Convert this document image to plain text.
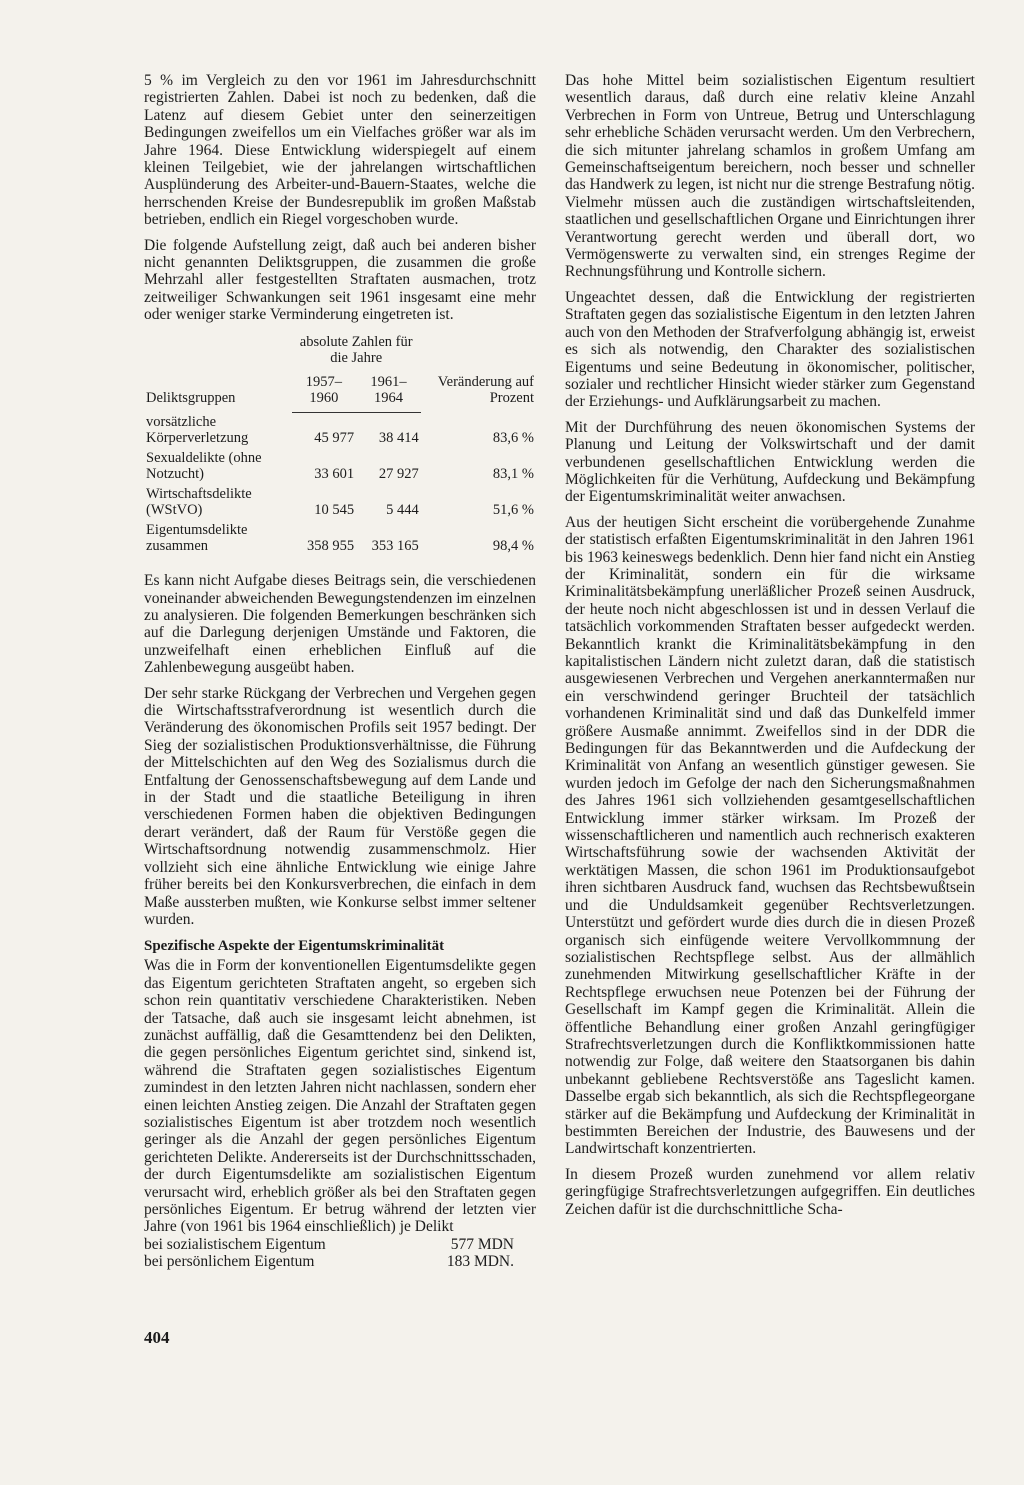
5 % im Vergleich zu den vor 1961 im Jahresdurchschnitt registrierten Zahlen. Dabei ist noch zu bedenken, daß die Latenz auf diesem Gebiet unter den seinerzeitigen Bedingungen zweifellos um ein Vielfaches größer war als im Jahre 1964. Diese Entwicklung widerspiegelt auf einem kleinen Teilgebiet, wie der jahrelangen wirtschaftlichen Ausplünderung des Arbeiter-und-Bauern-Staates, welche die herrschenden Kreise der Bundesrepublik im großen Maßstab betrieben, endlich ein Riegel vorgeschoben wurde.

Die folgende Aufstellung zeigt, daß auch bei anderen bisher nicht genannten Deliktsgruppen, die zusammen die große Mehrzahl aller festgestellten Straftaten ausmachen, trotz zeitweiliger Schwankungen seit 1961 insgesamt eine mehr oder weniger starke Verminderung eingetreten ist.

Deliktsgruppen	absolute Zahlen für die Jahre		Veränderung auf Prozent
	1957–1960	1961–1964	
vorsätzliche Körperverletzung	45 977	38 414	83,6 %
Sexualdelikte (ohne Notzucht)	33 601	27 927	83,1 %
Wirtschaftsdelikte (WStVO)	10 545	5 444	51,6 %
Eigentumsdelikte zusammen	358 955	353 165	98,4 %

Es kann nicht Aufgabe dieses Beitrags sein, die verschiedenen voneinander abweichenden Bewegungstendenzen im einzelnen zu analysieren. Die folgenden Bemerkungen beschränken sich auf die Darlegung derjenigen Umstände und Faktoren, die unzweifelhaft einen erheblichen Einfluß auf die Zahlenbewegung ausgeübt haben.

Der sehr starke Rückgang der Verbrechen und Vergehen gegen die Wirtschaftsstrafverordnung ist wesentlich durch die Veränderung des ökonomischen Profils seit 1957 bedingt. Der Sieg der sozialistischen Produktionsverhältnisse, die Führung der Mittelschichten auf den Weg des Sozialismus durch die Entfaltung der Genossenschaftsbewegung auf dem Lande und in der Stadt und die staatliche Beteiligung in ihren verschiedenen Formen haben die objektiven Bedingungen derart verändert, daß der Raum für Verstöße gegen die Wirtschaftsordnung notwendig zusammenschmolz. Hier vollzieht sich eine ähnliche Entwicklung wie einige Jahre früher bereits bei den Konkursverbrechen, die einfach in dem Maße aussterben mußten, wie Konkurse selbst immer seltener wurden.

Spezifische Aspekte der Eigentumskriminalität

Was die in Form der konventionellen Eigentumsdelikte gegen das Eigentum gerichteten Straftaten angeht, so ergeben sich schon rein quantitativ verschiedene Charakteristiken. Neben der Tatsache, daß auch sie insgesamt leicht abnehmen, ist zunächst auffällig, daß die Gesamttendenz bei den Delikten, die gegen persönliches Eigentum gerichtet sind, sinkend ist, während die Straftaten gegen sozialistisches Eigentum zumindest in den letzten Jahren nicht nachlassen, sondern eher einen leichten Anstieg zeigen. Die Anzahl der Straftaten gegen sozialistisches Eigentum ist aber trotzdem noch wesentlich geringer als die Anzahl der gegen persönliches Eigentum gerichteten Delikte. Andererseits ist der Durchschnittsschaden, der durch Eigentumsdelikte am sozialistischen Eigentum verursacht wird, erheblich größer als bei den Straftaten gegen persönliches Eigentum. Er betrug während der letzten vier Jahre (von 1961 bis 1964 einschließlich) je Delikt

bei sozialistischem Eigentum	577 MDN
bei persönlichem Eigentum	183 MDN.

Das hohe Mittel beim sozialistischen Eigentum resultiert wesentlich daraus, daß durch eine relativ kleine Anzahl Verbrechen in Form von Untreue, Betrug und Unterschlagung sehr erhebliche Schäden verursacht werden. Um den Verbrechern, die sich mitunter jahrelang schamlos in großem Umfang am Gemeinschaftseigentum bereichern, noch besser und schneller das Handwerk zu legen, ist nicht nur die strenge Bestrafung nötig. Vielmehr müssen auch die zuständigen wirtschaftsleitenden, staatlichen und gesellschaftlichen Organe und Einrichtungen ihrer Verantwortung gerecht werden und überall dort, wo Vermögenswerte zu verwalten sind, ein strenges Regime der Rechnungsführung und Kontrolle sichern.

Ungeachtet dessen, daß die Entwicklung der registrierten Straftaten gegen das sozialistische Eigentum in den letzten Jahren auch von den Methoden der Strafverfolgung abhängig ist, erweist es sich als notwendig, den Charakter des sozialistischen Eigentums und seine Bedeutung in ökonomischer, politischer, sozialer und rechtlicher Hinsicht wieder stärker zum Gegenstand der Erziehungs- und Aufklärungsarbeit zu machen.

Mit der Durchführung des neuen ökonomischen Systems der Planung und Leitung der Volkswirtschaft und der damit verbundenen gesellschaftlichen Entwicklung werden die Möglichkeiten für die Verhütung, Aufdeckung und Bekämpfung der Eigentumskriminalität weiter anwachsen.

Aus der heutigen Sicht erscheint die vorübergehende Zunahme der statistisch erfaßten Eigentumskriminalität in den Jahren 1961 bis 1963 keineswegs bedenklich. Denn hier fand nicht ein Anstieg der Kriminalität, sondern ein für die wirksame Kriminalitätsbekämpfung unerläßlicher Prozeß seinen Ausdruck, der heute noch nicht abgeschlossen ist und in dessen Verlauf die tatsächlich vorkommenden Straftaten besser aufgedeckt werden. Bekanntlich krankt die Kriminalitätsbekämpfung in den kapitalistischen Ländern nicht zuletzt daran, daß die statistisch ausgewiesenen Verbrechen und Vergehen anerkanntermaßen nur ein verschwindend geringer Bruchteil der tatsächlich vorhandenen Kriminalität sind und daß das Dunkelfeld immer größere Ausmaße annimmt. Zweifellos sind in der DDR die Bedingungen für das Bekanntwerden und die Aufdeckung der Kriminalität von Anfang an wesentlich günstiger gewesen. Sie wurden jedoch im Gefolge der nach den Sicherungsmaßnahmen des Jahres 1961 sich vollziehenden gesamtgesellschaftlichen Entwicklung immer stärker wirksam. Im Prozeß der wissenschaftlicheren und namentlich auch rechnerisch exakteren Wirtschaftsführung sowie der wachsenden Aktivität der werktätigen Massen, die schon 1961 im Produktionsaufgebot ihren sichtbaren Ausdruck fand, wuchsen das Rechtsbewußtsein und die Unduldsamkeit gegenüber Rechtsverletzungen. Unterstützt und gefördert wurde dies durch die in diesen Prozeß organisch sich einfügende weitere Vervollkommnung der sozialistischen Rechtspflege selbst. Aus der allmählich zunehmenden Mitwirkung gesellschaftlicher Kräfte in der Rechtspflege erwuchsen neue Potenzen bei der Führung der Gesellschaft im Kampf gegen die Kriminalität. Allein die öffentliche Behandlung einer großen Anzahl geringfügiger Strafrechtsverletzungen durch die Konfliktkommissionen hatte notwendig zur Folge, daß weitere den Staatsorganen bis dahin unbekannt gebliebene Rechtsverstöße ans Tageslicht kamen. Dasselbe ergab sich bekanntlich, als sich die Rechtspflegeorgane stärker auf die Bekämpfung und Aufdeckung der Kriminalität in bestimmten Bereichen der Industrie, des Bauwesens und der Landwirtschaft konzentrierten.

In diesem Prozeß wurden zunehmend vor allem relativ geringfügige Strafrechtsverletzungen aufgegriffen. Ein deutliches Zeichen dafür ist die durchschnittliche Scha-

404
